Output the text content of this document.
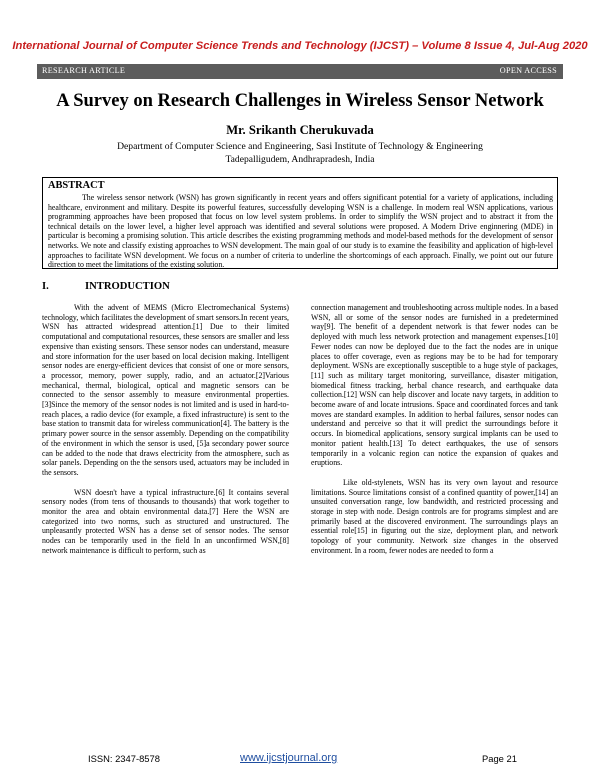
International Journal of Computer Science Trends and Technology (IJCST) – Volume 8 Issue 4, Jul-Aug 2020
RESEARCH ARTICLE	OPEN ACCESS
A Survey on Research Challenges in Wireless Sensor Network
Mr. Srikanth Cherukuvada
Department of Computer Science and Engineering, Sasi Institute of Technology & Engineering
Tadepalligudem, Andhrapradesh, India
ABSTRACT
The wireless sensor network (WSN) has grown significantly in recent years and offers significant potential for a variety of applications, including healthcare, environment and military. Despite its powerful features, successfully developing WSN is a challenge. In modern real WSN applications, various programming approaches have been proposed that focus on low level system problems. In order to simplify the WSN project and to abstract it from the technical details on the lower level, a higher level approach was identified and several solutions were proposed. A Modern Drive enginnering (MDE) in particular is becoming a promising solution. This article describes the existing programming methods and model-based methods for the development of sensor networks. We note and classify existing approaches to WSN development. The main goal of our study is to examine the feasibility and application of high-level approaches to facilitate WSN development. We focus on a number of criteria to underline the shortcomings of each approach. Finally, we point out our future direction to meet the limitations of the existing solution.
I.	INTRODUCTION

With the advent of MEMS (Micro Electromechanical Systems) technology, which facilitates the development of smart sensors.In recent years, WSN has attracted widespread attention.[1] Due to their limited computational and computational resources, these sensors are smaller and less expensive than existing sensors. These sensor nodes can understand, measure and store information for the user based on local decision making. Intelligent sensor nodes are energy-efficient devices that consist of one or more sensors, a processor, memory, power supply, radio, and an actuator.[2]Various mechanical, thermal, biological, optical and magnetic sensors can be connected to the sensor assembly to measure environmental properties. [3]Since the memory of the sensor nodes is not limited and is used in hard-to-reach places, a radio device (for example, a fixed infrastructure) is sent to the base station to transmit data for wireless communication[4]. The battery is the primary power source in the sensor assembly. Depending on the compatibility of the environment in which the sensor is used, [5]a secondary power source can be added to the node that draws electricity from the atmosphere, such as solar panels. Depending on the the sensors used, actuators may be included in the sensors.

WSN doesn't have a typical infrastructure.[6] It contains several sensory nodes (from tens of thousands to thousands) that work together to monitor the area and obtain environmental data.[7] Here the WSN are categorized into two norms, such as structured and unstructured. The unpleasantly protected WSN has a dense set of sensor nodes. The sensor nodes can be temporarily used in the field In an unconfirmed WSN,[8] network maintenance is difficult to perform, such as

connection management and troubleshooting across multiple nodes. In a based WSN, all or some of the sensor nodes are furnished in a predetermined way[9]. The benefit of a dependent network is that fewer nodes can be deployed with much less network protection and management expenses.[10] Fewer nodes can now be deployed due to the fact the nodes are in unique places to offer coverage, even as regions may be to be had for temporary deployment. WSNs are exceptionally susceptible to a huge style of packages,[11] such as military target monitoring, surveillance, disaster mitigation, biomedical fitness tracking, herbal chance research, and earthquake data collection.[12] WSN can help discover and locate navy targets, in addition to become aware of and locate intrusions. Space and coordinated forces and tank moves are standard examples. In addition to herbal failures, sensor nodes can understand and perceive so that it will predict the surroundings before it occurs. In biomedical applications, sensory surgical implants can be used to monitor patient health.[13] To detect earthquakes, the use of sensors temporarily in a volcanic region can notice the expansion of quakes and eruptions.

Like old-stylenets, WSN has its very own layout and resource limitations. Source limitations consist of a confined quantity of power,[14] an unsuited conversation range, low bandwidth, and restricted processing and storage in step with node. Design controls are for programs simplest and are primarily based at the discovered environment. The surroundings plays an essential role[15] in figuring out the size, deployment plan, and network topology of your community. Network size changes in the observed environment. In a room, fewer nodes are needed to form a

ISSN: 2347-8578	www.ijcstjournal.org	Page 21
